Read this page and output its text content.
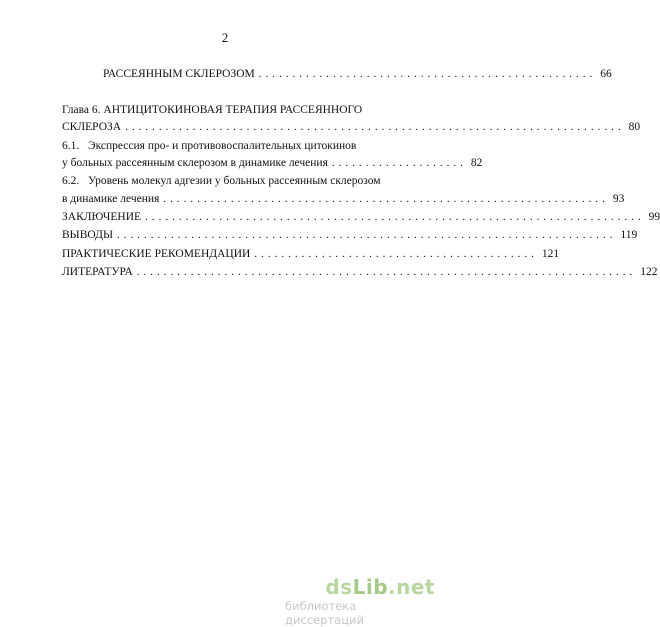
2
РАССЕЯННЫМ СКЛЕРОЗОМ .................................................. 66
Глава 6. АНТИЦИТОКИНОВАЯ ТЕРАПИЯ РАССЕЯННОГО
СКЛЕРОЗА .......................................................................... 80
6.1. Экспрессия про- и противовоспалительных цитокинов
у больных рассеянным склерозом в динамике лечения .................... 82
6.2. Уровень молекул адгезии у больных рассеянным склерозом
в динамике лечения .................................................................. 93
ЗАКЛЮЧЕНИЕ .......................................................................... 99
ВЫВОДЫ .......................................................................... 119
ПРАКТИЧЕСКИЕ РЕКОМЕНДАЦИИ .......................................... 121
ЛИТЕРАТУРА .......................................................................... 122
dsLib.net
библиотека диссертаций
